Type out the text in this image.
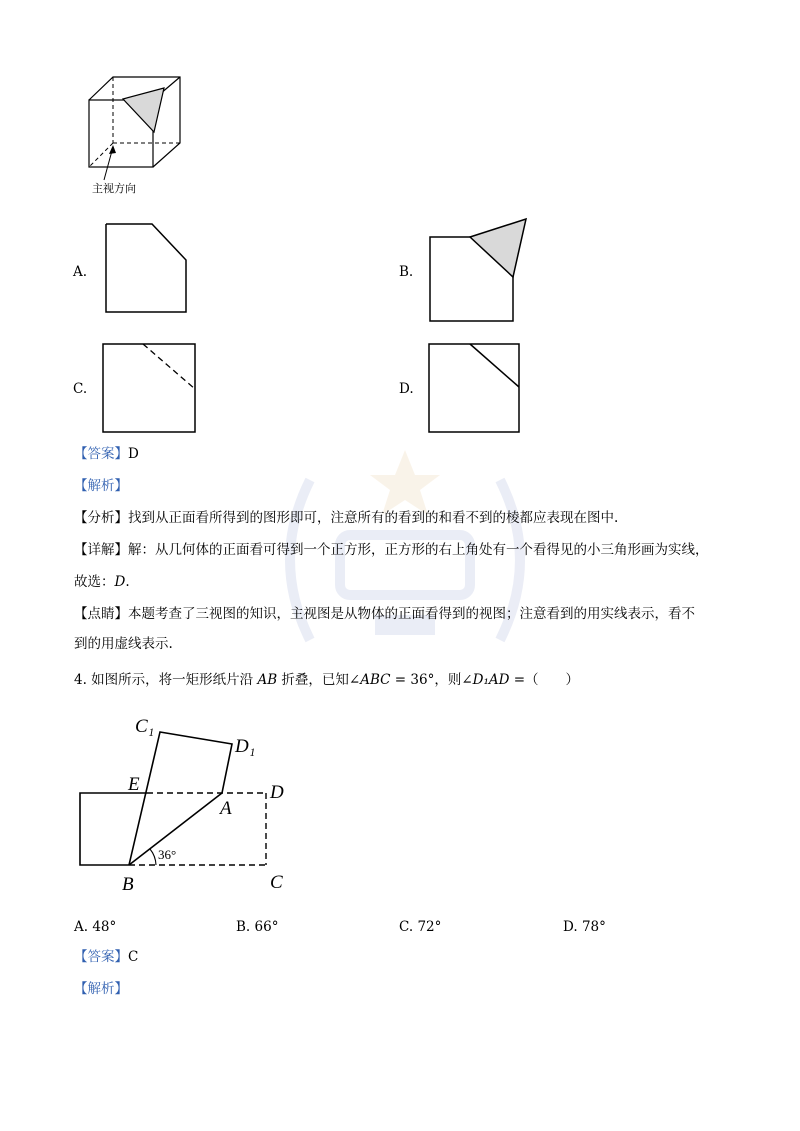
主视方向
A.	B.
C.	D.
【答案】D
【解析】
【分析】找到从正面看所得到的图形即可，注意所有的看到的和看不到的棱都应表现在图中.
【详解】解：从几何体的正面看可得到一个正方形，正方形的右上角处有一个看得见的小三角形画为实线，
故选：D.
【点睛】本题考查了三视图的知识，主视图是从物体的正面看得到的视图；注意看到的用实线表示，看不
到的用虚线表示.
4. 如图所示，将一矩形纸片沿 AB 折叠，已知∠ABC = 36°，则∠D₁AD =（　　）
C₁
D₁
E
A
D
B	C
36°
A. 48°	B. 66°	C. 72°	D. 78°
【答案】C
【解析】
